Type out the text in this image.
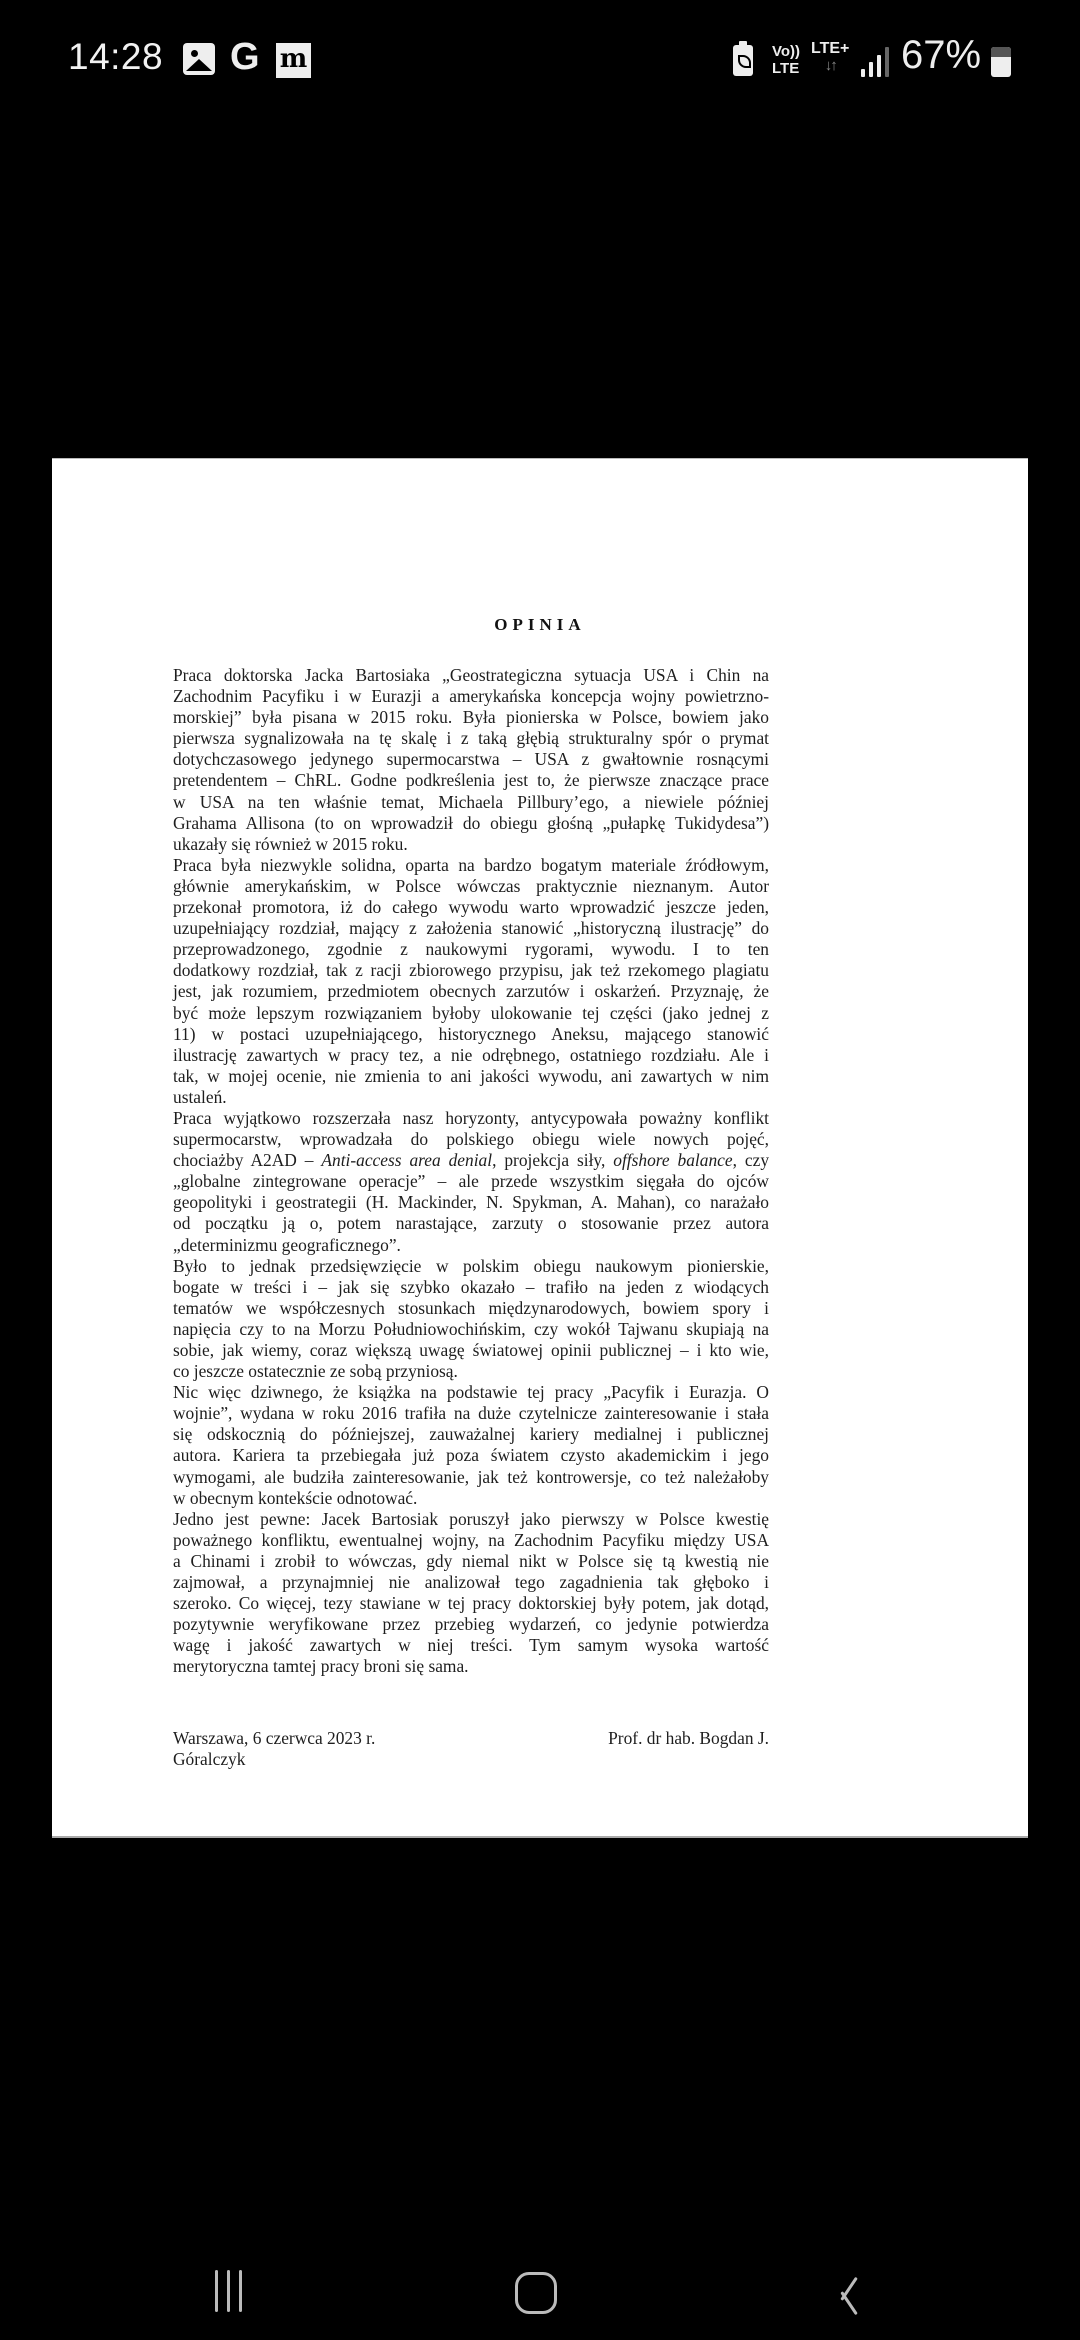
14:28 G m	Vo))
LTE
LTE+
↓↑	67%
OPINIA
Praca doktorska Jacka Bartosiaka „Geostrategiczna sytuacja USA i Chin na
Zachodnim Pacyfiku i w Eurazji a amerykańska koncepcja wojny powietrzno-
morskiej” była pisana w 2015 roku. Była pionierska w Polsce, bowiem jako
pierwsza sygnalizowała na tę skalę i z taką głębią strukturalny spór o prymat
dotychczasowego jedynego supermocarstwa – USA z gwałtownie rosnącymi
pretendentem – ChRL. Godne podkreślenia jest to, że pierwsze znaczące prace
w USA na ten właśnie temat, Michaela Pillbury’ego, a niewiele później
Grahama Allisona (to on wprowadził do obiegu głośną „pułapkę Tukidydesa”)
ukazały się również w 2015 roku.
Praca była niezwykle solidna, oparta na bardzo bogatym materiale źródłowym,
głównie amerykańskim, w Polsce wówczas praktycznie nieznanym. Autor
przekonał promotora, iż do całego wywodu warto wprowadzić jeszcze jeden,
uzupełniający rozdział, mający z założenia stanowić „historyczną ilustrację” do
przeprowadzonego, zgodnie z naukowymi rygorami, wywodu. I to ten
dodatkowy rozdział, tak z racji zbiorowego przypisu, jak też rzekomego plagiatu
jest, jak rozumiem, przedmiotem obecnych zarzutów i oskarżeń. Przyznaję, że
być może lepszym rozwiązaniem byłoby ulokowanie tej części (jako jednej z
11) w postaci uzupełniającego, historycznego Aneksu, mającego stanowić
ilustrację zawartych w pracy tez, a nie odrębnego, ostatniego rozdziału. Ale i
tak, w mojej ocenie, nie zmienia to ani jakości wywodu, ani zawartych w nim
ustaleń.
Praca wyjątkowo rozszerzała nasz horyzonty, antycypowała poważny konflikt
supermocarstw, wprowadzała do polskiego obiegu wiele nowych pojęć,
chociażby A2AD – Anti-access area denial, projekcja siły, offshore balance, czy
„globalne zintegrowane operacje” – ale przede wszystkim sięgała do ojców
geopolityki i geostrategii (H. Mackinder, N. Spykman, A. Mahan), co narażało
od początku ją o, potem narastające, zarzuty o stosowanie przez autora
„determinizmu geograficznego”.
Było to jednak przedsięwzięcie w polskim obiegu naukowym pionierskie,
bogate w treści i – jak się szybko okazało – trafiło na jeden z wiodących
tematów we współczesnych stosunkach międzynarodowych, bowiem spory i
napięcia czy to na Morzu Południowochińskim, czy wokół Tajwanu skupiają na
sobie, jak wiemy, coraz większą uwagę światowej opinii publicznej – i kto wie,
co jeszcze ostatecznie ze sobą przyniosą.
Nic więc dziwnego, że książka na podstawie tej pracy „Pacyfik i Eurazja. O
wojnie”, wydana w roku 2016 trafiła na duże czytelnicze zainteresowanie i stała
się odskocznią do późniejszej, zauważalnej kariery medialnej i publicznej
autora. Kariera ta przebiegała już poza światem czysto akademickim i jego
wymogami, ale budziła zainteresowanie, jak też kontrowersje, co też należałoby
w obecnym kontekście odnotować.
Jedno jest pewne: Jacek Bartosiak poruszył jako pierwszy w Polsce kwestię
poważnego konfliktu, ewentualnej wojny, na Zachodnim Pacyfiku między USA
a Chinami i zrobił to wówczas, gdy niemal nikt w Polsce się tą kwestią nie
zajmował, a przynajmniej nie analizował tego zagadnienia tak głęboko i
szeroko. Co więcej, tezy stawiane w tej pracy doktorskiej były potem, jak dotąd,
pozytywnie weryfikowane przez przebieg wydarzeń, co jedynie potwierdza
wagę i jakość zawartych w niej treści. Tym samym wysoka wartość
merytoryczna tamtej pracy broni się sama.
Warszawa, 6 czerwca 2023 r.	Prof. dr hab. Bogdan J.
Góralczyk
